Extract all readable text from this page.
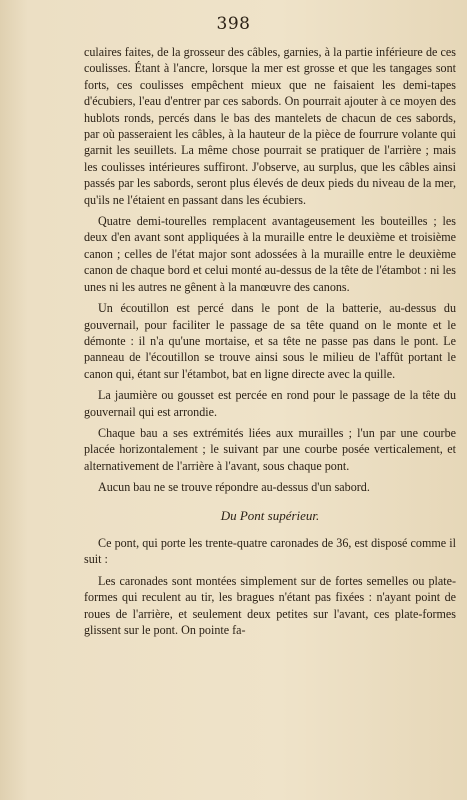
398

culaires faites, de la grosseur des câbles, garnies, à la partie inférieure de ces coulisses. Étant à l'ancre, lorsque la mer est grosse et que les tangages sont forts, ces coulisses empêchent mieux que ne faisaient les demi-tapes d'écubiers, l'eau d'entrer par ces sabords. On pourrait ajouter à ce moyen des hublots ronds, percés dans le bas des mantelets de chacun de ces sabords, par où passeraient les câbles, à la hauteur de la pièce de fourrure volante qui garnit les seuillets. La même chose pourrait se pratiquer de l'arrière ; mais les coulisses intérieures suffiront. J'observe, au surplus, que les câbles ainsi passés par les sabords, seront plus élevés de deux pieds du niveau de la mer, qu'ils ne l'étaient en passant dans les écubiers.

Quatre demi-tourelles remplacent avantageusement les bouteilles ; les deux d'en avant sont appliquées à la muraille entre le deuxième et troisième canon ; celles de l'état major sont adossées à la muraille entre le deuxième canon de chaque bord et celui monté au-dessus de la tête de l'étambot : ni les unes ni les autres ne gênent à la manœuvre des canons.

Un écoutillon est percé dans le pont de la batterie, au-dessus du gouvernail, pour faciliter le passage de sa tête quand on le monte et le démonte : il n'a qu'une mortaise, et sa tête ne passe pas dans le pont. Le panneau de l'écoutillon se trouve ainsi sous le milieu de l'affût portant le canon qui, étant sur l'étambot, bat en ligne directe avec la quille.

La jaumière ou gousset est percée en rond pour le passage de la tête du gouvernail qui est arrondie.

Chaque bau a ses extrémités liées aux murailles ; l'un par une courbe placée horizontalement ; le suivant par une courbe posée verticalement, et alternativement de l'arrière à l'avant, sous chaque pont.

Aucun bau ne se trouve répondre au-dessus d'un sabord.

Du Pont supérieur.

Ce pont, qui porte les trente-quatre caronades de 36, est disposé comme il suit :

Les caronades sont montées simplement sur de fortes semelles ou plate-formes qui reculent au tir, les bragues n'étant pas fixées : n'ayant point de roues de l'arrière, et seulement deux petites sur l'avant, ces plate-formes glissent sur le pont. On pointe fa-
